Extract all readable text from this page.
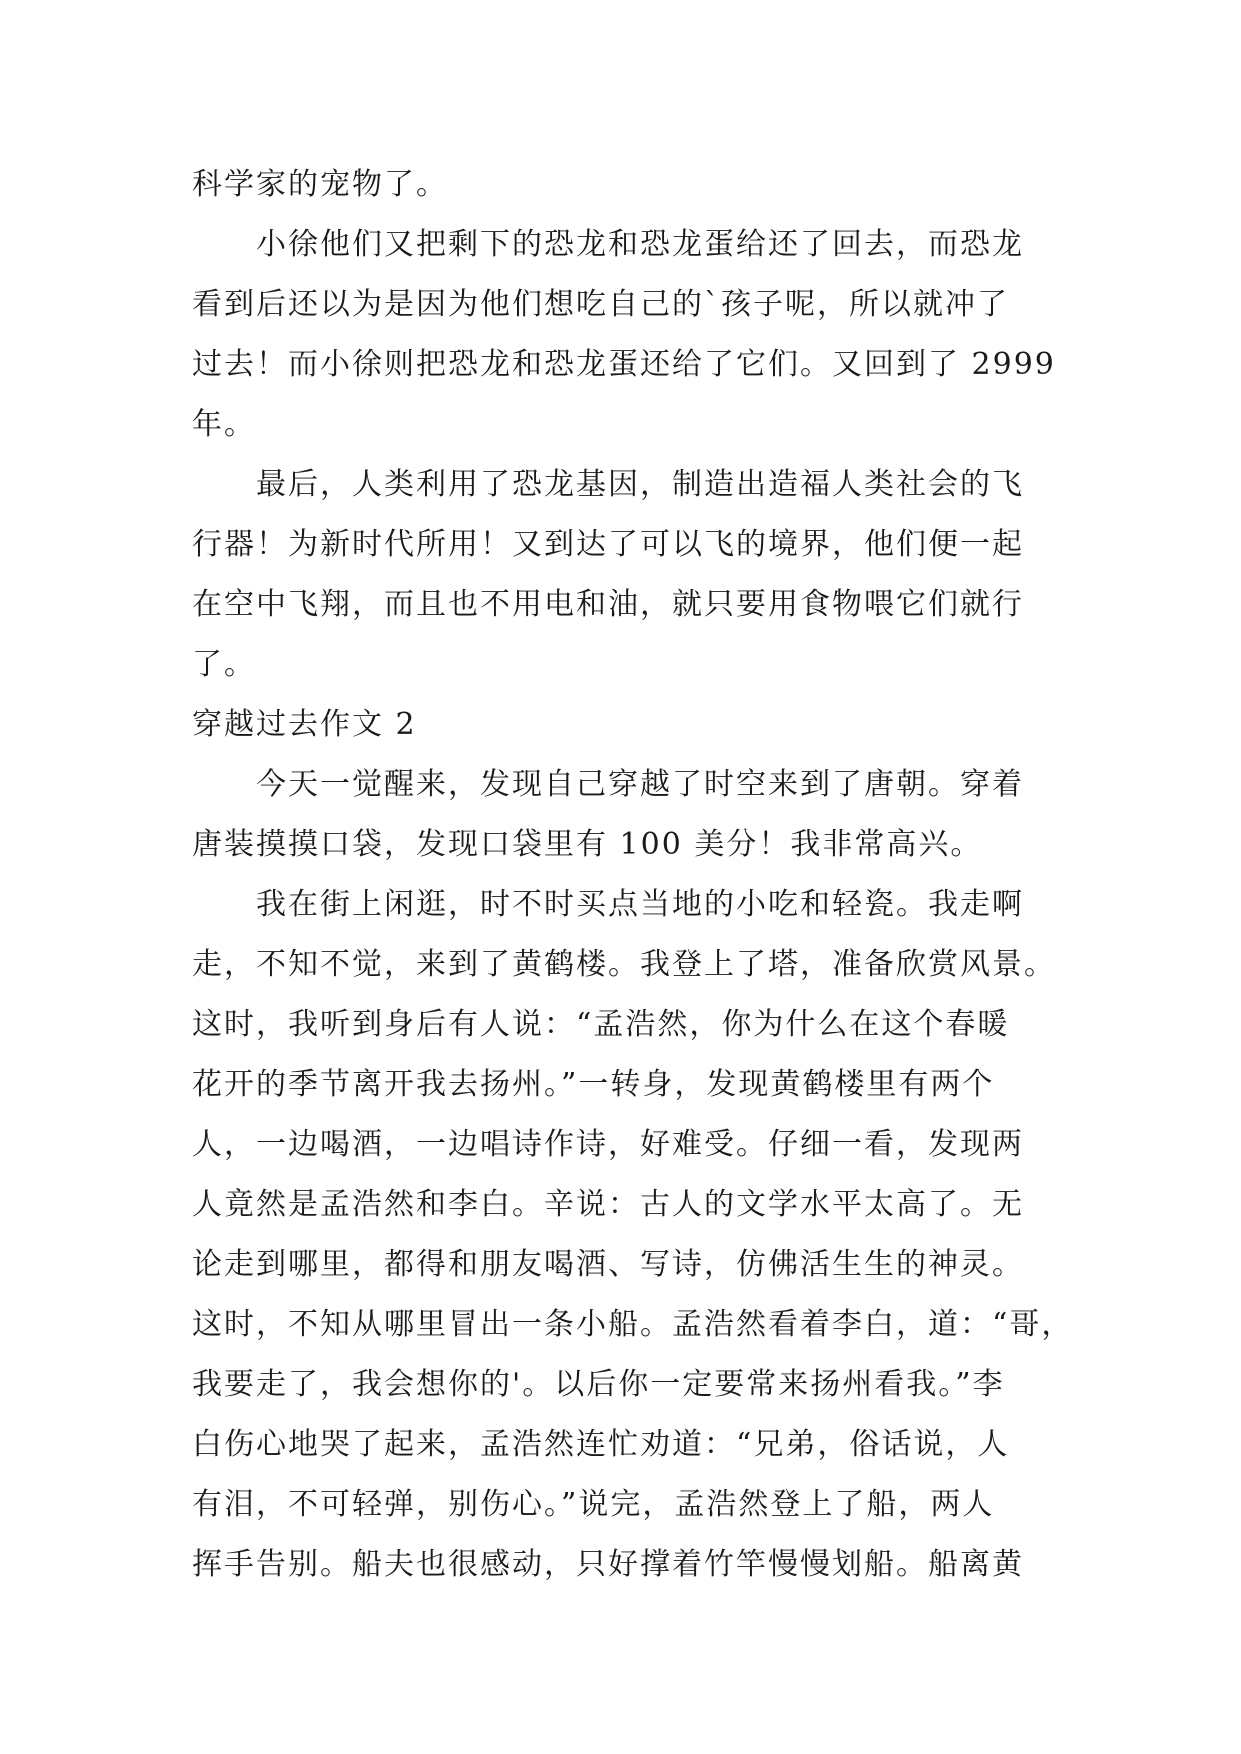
科学家的宠物了。
小徐他们又把剩下的恐龙和恐龙蛋给还了回去，而恐龙
看到后还以为是因为他们想吃自己的`孩子呢，所以就冲了
过去！而小徐则把恐龙和恐龙蛋还给了它们。又回到了 2999
年。
最后，人类利用了恐龙基因，制造出造福人类社会的飞
行器！为新时代所用！又到达了可以飞的境界，他们便一起
在空中飞翔，而且也不用电和油，就只要用食物喂它们就行
了。
穿越过去作文 2
今天一觉醒来，发现自己穿越了时空来到了唐朝。穿着
唐装摸摸口袋，发现口袋里有 100 美分！我非常高兴。
我在街上闲逛，时不时买点当地的小吃和轻瓷。我走啊
走，不知不觉，来到了黄鹤楼。我登上了塔，准备欣赏风景。
这时，我听到身后有人说：“孟浩然，你为什么在这个春暖
花开的季节离开我去扬州。”一转身，发现黄鹤楼里有两个
人，一边喝酒，一边唱诗作诗，好难受。仔细一看，发现两
人竟然是孟浩然和李白。辛说：古人的文学水平太高了。无
论走到哪里，都得和朋友喝酒、写诗，仿佛活生生的神灵。
这时，不知从哪里冒出一条小船。孟浩然看着李白，道：“哥，
我要走了，我会想你的'。以后你一定要常来扬州看我。”李
白伤心地哭了起来，孟浩然连忙劝道：“兄弟，俗话说，人
有泪，不可轻弹，别伤心。”说完，孟浩然登上了船，两人
挥手告别。船夫也很感动，只好撑着竹竿慢慢划船。船离黄
